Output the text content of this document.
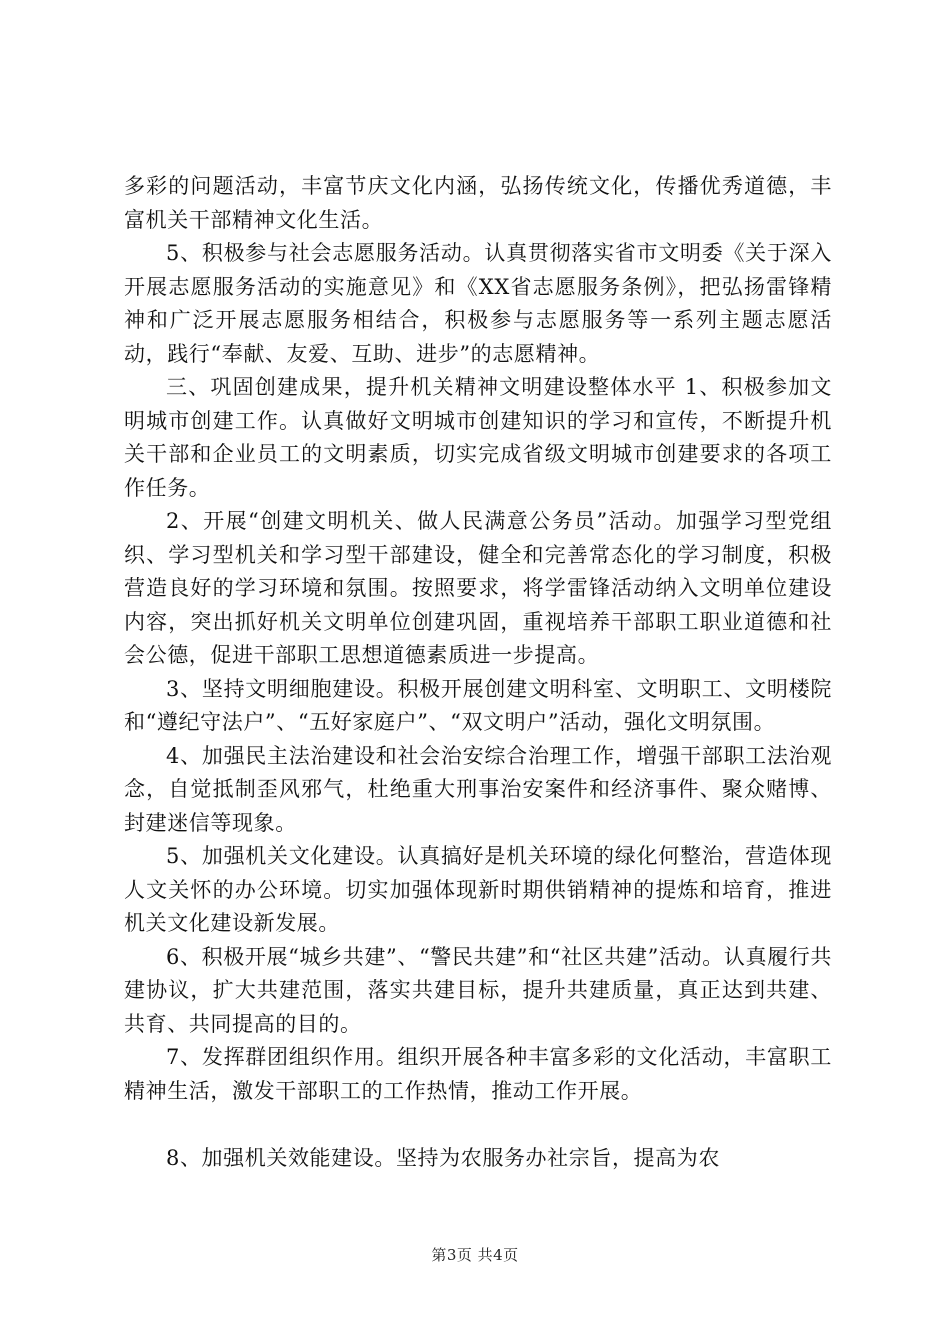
多彩的问题活动，丰富节庆文化内涵，弘扬传统文化，传播优秀道德，丰富机关干部精神文化生活。

5、积极参与社会志愿服务活动。认真贯彻落实省市文明委《关于深入开展志愿服务活动的实施意见》和《XX省志愿服务条例》，把弘扬雷锋精神和广泛开展志愿服务相结合，积极参与志愿服务等一系列主题志愿活动，践行“奉献、友爱、互助、进步”的志愿精神。

三、巩固创建成果，提升机关精神文明建设整体水平 1、积极参加文明城市创建工作。认真做好文明城市创建知识的学习和宣传，不断提升机关干部和企业员工的文明素质，切实完成省级文明城市创建要求的各项工作任务。

2、开展“创建文明机关、做人民满意公务员”活动。加强学习型党组织、学习型机关和学习型干部建设，健全和完善常态化的学习制度，积极营造良好的学习环境和氛围。按照要求，将学雷锋活动纳入文明单位建设内容，突出抓好机关文明单位创建巩固，重视培养干部职工职业道德和社会公德，促进干部职工思想道德素质进一步提高。

3、坚持文明细胞建设。积极开展创建文明科室、文明职工、文明楼院和“遵纪守法户”、“五好家庭户”、“双文明户”活动，强化文明氛围。

4、加强民主法治建设和社会治安综合治理工作，增强干部职工法治观念，自觉抵制歪风邪气，杜绝重大刑事治安案件和经济事件、聚众赌博、封建迷信等现象。

5、加强机关文化建设。认真搞好是机关环境的绿化何整治，营造体现人文关怀的办公环境。切实加强体现新时期供销精神的提炼和培育，推进机关文化建设新发展。

6、积极开展“城乡共建”、“警民共建”和“社区共建”活动。认真履行共建协议，扩大共建范围，落实共建目标，提升共建质量，真正达到共建、共育、共同提高的目的。

7、发挥群团组织作用。组织开展各种丰富多彩的文化活动，丰富职工精神生活，激发干部职工的工作热情，推动工作开展。

8、加强机关效能建设。坚持为农服务办社宗旨，提高为农

第3页 共4页
